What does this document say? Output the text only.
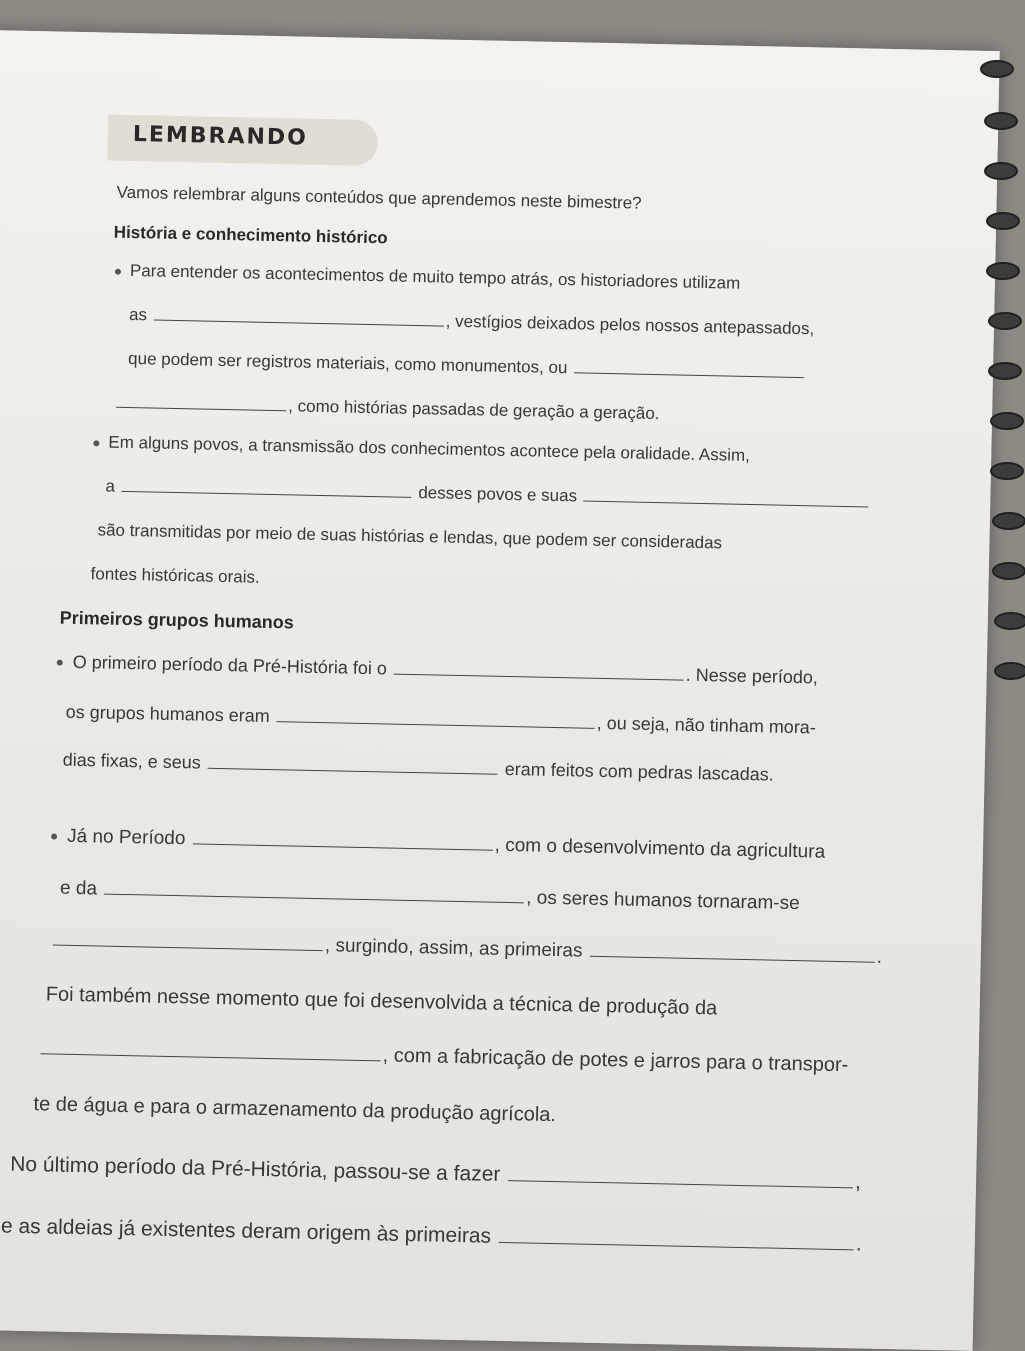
LEMBRANDO
Vamos relembrar alguns conteúdos que aprendemos neste bimestre?
História e conhecimento histórico
Para entender os acontecimentos de muito tempo atrás, os historiadores utilizam
as	, vestígios deixados pelos nossos antepassados,
que podem ser registros materiais, como monumentos, ou
, como histórias passadas de geração a geração.
Em alguns povos, a transmissão dos conhecimentos acontece pela oralidade. Assim,
a	desses povos e suas
são transmitidas por meio de suas histórias e lendas, que podem ser consideradas
fontes históricas orais.
Primeiros grupos humanos
O primeiro período da Pré-História foi o	. Nesse período,
os grupos humanos eram	, ou seja, não tinham mora-
dias fixas, e seus	eram feitos com pedras lascadas.
Já no Período	, com o desenvolvimento da agricultura
e da	, os seres humanos tornaram-se
, surgindo, assim, as primeiras	.
Foi também nesse momento que foi desenvolvida a técnica de produção da
, com a fabricação de potes e jarros para o transpor-
te de água e para o armazenamento da produção agrícola.
No último período da Pré-História, passou-se a fazer	,
e as aldeias já existentes deram origem às primeiras	.
